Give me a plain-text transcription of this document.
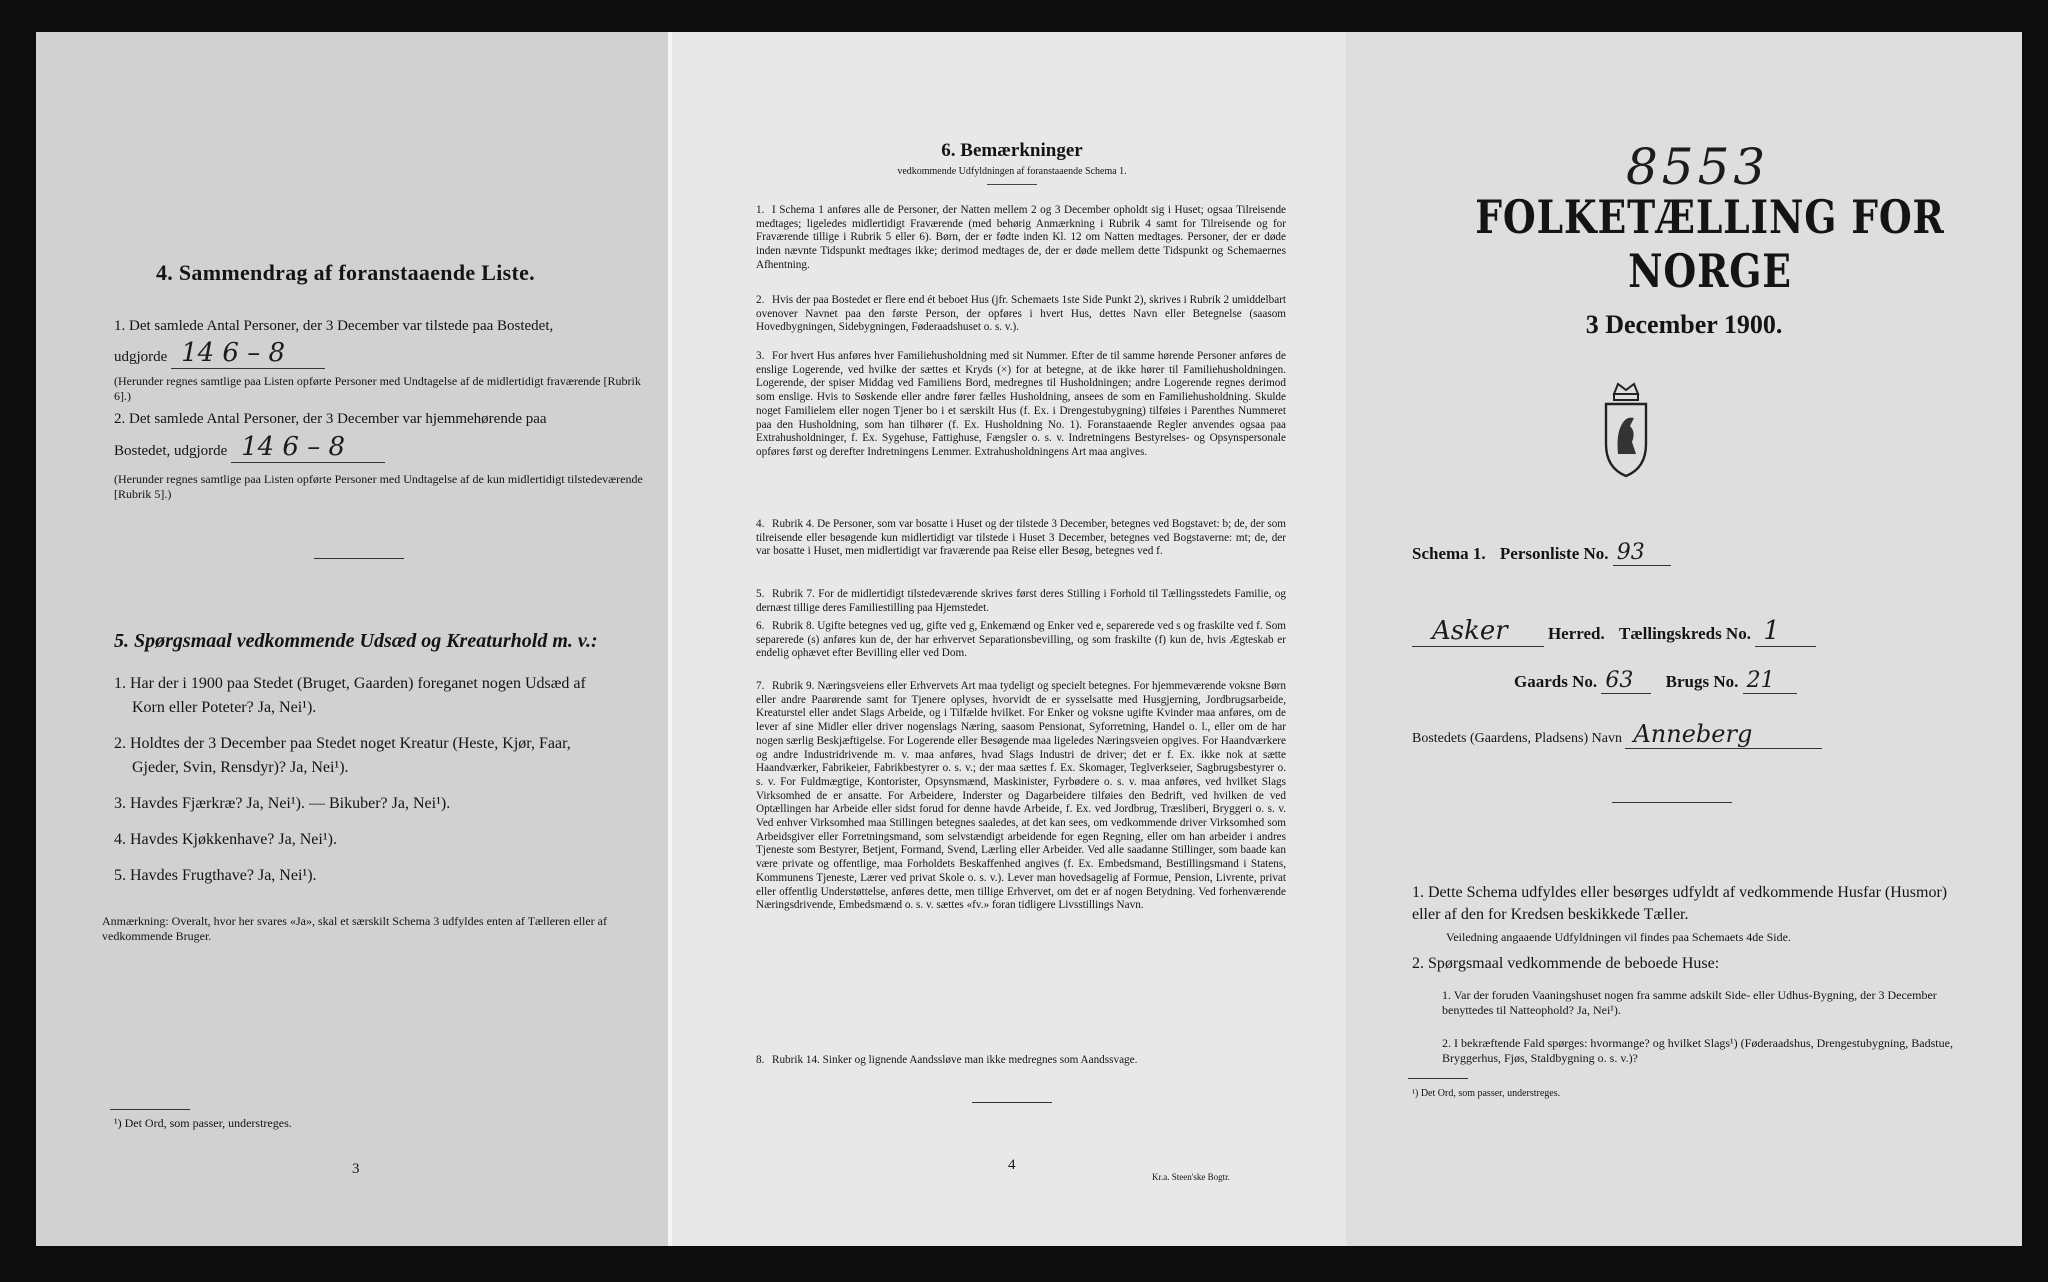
4. Sammendrag af foranstaaende Liste.
1. Det samlede Antal Personer, der 3 December var tilstede paa Bostedet,
udgjorde 14 6 – 8
(Herunder regnes samtlige paa Listen opførte Personer med Undtagelse af de midlertidigt fraværende [Rubrik 6].)
2. Det samlede Antal Personer, der 3 December var hjemmehørende paa
Bostedet, udgjorde 14 6 – 8
(Herunder regnes samtlige paa Listen opførte Personer med Undtagelse af de kun midlertidigt tilstedeværende [Rubrik 5].)
5. Spørgsmaal vedkommende Udsæd og Kreaturhold m. v.:
1. Har der i 1900 paa Stedet (Bruget, Gaarden) foreganet nogen Udsæd af
Korn eller Poteter? Ja, Nei¹).
2. Holdtes der 3 December paa Stedet noget Kreatur (Heste, Kjør, Faar,
Gjeder, Svin, Rensdyr)? Ja, Nei¹).
3. Havdes Fjærkræ? Ja, Nei¹). — Bikuber? Ja, Nei¹).
4. Havdes Kjøkkenhave? Ja, Nei¹).
5. Havdes Frugthave? Ja, Nei¹).
Anmærkning: Overalt, hvor her svares «Ja», skal et særskilt Schema 3 udfyldes enten af Tælleren eller af vedkommende Bruger.
¹) Det Ord, som passer, understreges.
3
6. Bemærkninger
vedkommende Udfyldningen af foranstaaende Schema 1.
1. I Schema 1 anføres alle de Personer, der Natten mellem 2 og 3 December opholdt sig i Huset; ogsaa Tilreisende medtages; ligeledes midlertidigt Fraværende (med behørig Anmærkning i Rubrik 4 samt for Tilreisende og for Fraværende tillige i Rubrik 5 eller 6). Børn, der er fødte inden Kl. 12 om Natten medtages. Personer, der er døde inden nævnte Tidspunkt medtages ikke; derimod medtages de, der er døde mellem dette Tidspunkt og Schemaernes Afhentning.
2. Hvis der paa Bostedet er flere end ét beboet Hus (jfr. Schemaets 1ste Side Punkt 2), skrives i Rubrik 2 umiddelbart ovenover Navnet paa den første Person, der opføres i hvert Hus, dettes Navn eller Betegnelse (saasom Hovedbygningen, Sidebygningen, Føderaadshuset o. s. v.).
3. For hvert Hus anføres hver Familiehusholdning med sit Nummer. Efter de til samme hørende Personer anføres de enslige Logerende, ved hvilke der sættes et Kryds (×) for at betegne, at de ikke hører til Familiehusholdningen. Logerende, der spiser Middag ved Familiens Bord, medregnes til Husholdningen; andre Logerende regnes derimod som enslige. Hvis to Søskende eller andre fører fælles Husholdning, ansees de som en Familiehusholdning. Skulde noget Familielem eller nogen Tjener bo i et særskilt Hus (f. Ex. i Drengestubygning) tilføies i Parenthes Nummeret paa den Husholdning, som han tilhører (f. Ex. Husholdning No. 1). Foranstaaende Regler anvendes ogsaa paa Extrahusholdninger, f. Ex. Sygehuse, Fattighuse, Fængsler o. s. v. Indretningens Bestyrelses- og Opsynspersonale opføres først og derefter Indretningens Lemmer. Extrahusholdningens Art maa angives.
4. Rubrik 4. De Personer, som var bosatte i Huset og der tilstede 3 December, betegnes ved Bogstavet: b; de, der som tilreisende eller besøgende kun midlertidigt var tilstede i Huset 3 December, betegnes ved Bogstaverne: mt; de, der var bosatte i Huset, men midlertidigt var fraværende paa Reise eller Besøg, betegnes ved f.
5. Rubrik 7. For de midlertidigt tilstedeværende skrives først deres Stilling i Forhold til Tællingsstedets Familie, og dernæst tillige deres Familiestilling paa Hjemstedet.
6. Rubrik 8. Ugifte betegnes ved ug, gifte ved g, Enkemænd og Enker ved e, separerede ved s og fraskilte ved f. Som separerede (s) anføres kun de, der har erhvervet Separationsbevilling, og som fraskilte (f) kun de, hvis Ægteskab er endelig ophævet efter Bevilling eller ved Dom.
7. Rubrik 9. Næringsveiens eller Erhvervets Art maa tydeligt og specielt betegnes. For hjemmeværende voksne Børn eller andre Paarørende samt for Tjenere oplyses, hvorvidt de er sysselsatte med Husgjerning, Jordbrugsarbeide, Kreaturstel eller andet Slags Arbeide, og i Tilfælde hvilket. For Enker og voksne ugifte Kvinder maa anføres, om de lever af sine Midler eller driver nogenslags Næring, saasom Pensionat, Syforretning, Handel o. l., eller om de har nogen særlig Beskjæftigelse. For Logerende eller Besøgende maa ligeledes Næringsveien opgives. For Haandværkere og andre Industridrivende m. v. maa anføres, hvad Slags Industri de driver; det er f. Ex. ikke nok at sætte Haandværker, Fabrikeier, Fabrikbestyrer o. s. v.; der maa sættes f. Ex. Skomager, Teglverkseier, Sagbrugsbestyrer o. s. v. For Fuldmægtige, Kontorister, Opsynsmænd, Maskinister, Fyrbødere o. s. v. maa anføres, ved hvilket Slags Virksomhed de er ansatte. For Arbeidere, Inderster og Dagarbeidere tilføies den Bedrift, ved hvilken de ved Optællingen har Arbeide eller sidst forud for denne havde Arbeide, f. Ex. ved Jordbrug, Træsliberi, Bryggeri o. s. v. Ved enhver Virksomhed maa Stillingen betegnes saaledes, at det kan sees, om vedkommende driver Virksomhed som Arbeidsgiver eller Forretningsmand, som selvstændigt arbeidende for egen Regning, eller om han arbeider i andres Tjeneste som Bestyrer, Betjent, Formand, Svend, Lærling eller Arbeider. Ved alle saadanne Stillinger, som baade kan være private og offentlige, maa Forholdets Beskaffenhed angives (f. Ex. Embedsmand, Bestillingsmand i Statens, Kommunens Tjeneste, Lærer ved privat Skole o. s. v.). Lever man hovedsagelig af Formue, Pension, Livrente, privat eller offentlig Understøttelse, anføres dette, men tillige Erhvervet, om det er af nogen Betydning. Ved forhenværende Næringsdrivende, Embedsmænd o. s. v. sættes «fv.» foran tidligere Livsstillings Navn.
8. Rubrik 14. Sinker og lignende Aandssløve man ikke medregnes som Aandssvage.
4
Kr.a. Steen'ske Bogtr.
8553
FOLKETÆLLING FOR NORGE
3 December 1900.
Schema 1. Personliste No. 93
Asker Herred. Tællingskreds No. 1
Gaards No. 63 Brugs No. 21
Bostedets (Gaardens, Pladsens) Navn Anneberg
1. Dette Schema udfyldes eller besørges udfyldt af vedkommende Husfar (Husmor) eller af den for Kredsen beskikkede Tæller.
Veiledning angaaende Udfyldningen vil findes paa Schemaets 4de Side.
2. Spørgsmaal vedkommende de beboede Huse:
1. Var der foruden Vaaningshuset nogen fra samme adskilt Side- eller Udhus-Bygning, der 3 December benyttedes til Natteophold? Ja, Nei¹).
2. I bekræftende Fald spørges: hvormange? og hvilket Slags¹) (Føderaadshus, Drengestubygning, Badstue, Bryggerhus, Fjøs, Staldbygning o. s. v.)?
¹) Det Ord, som passer, understreges.
